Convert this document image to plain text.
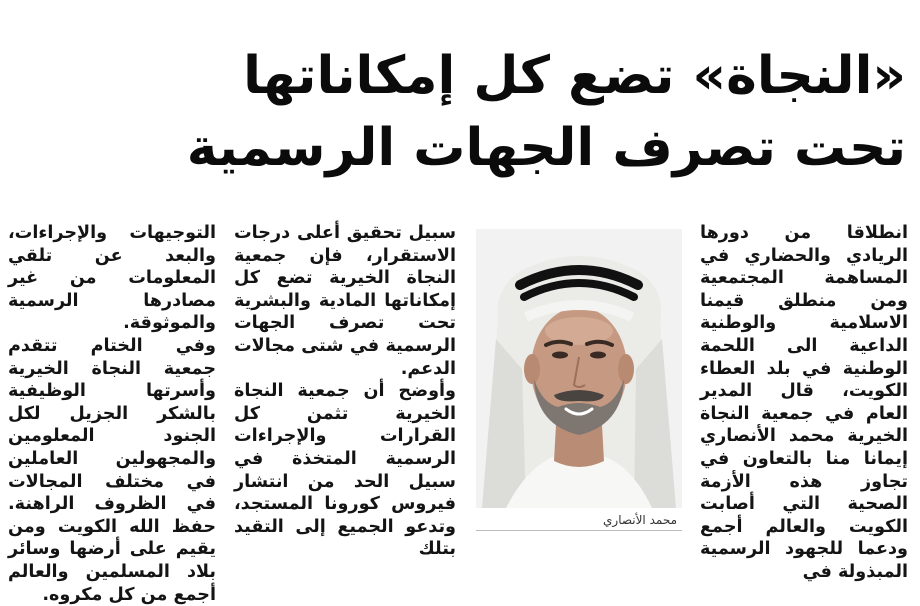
«النجاة» تضع كل إمكاناتها
تحت تصرف الجهات الرسمية

انطلاقا من دورها الريادي والحضاري في المساهمة المجتمعية ومن منطلق قيمنا الاسلامية والوطنية الداعية الى اللحمة الوطنية في بلد العطاء الكويت، قال المدير العام في جمعية النجاة الخيرية محمد الأنصاري إيمانا منا بالتعاون في تجاوز هذه الأزمة الصحية التي أصابت الكويت والعالم أجمع ودعما للجهود الرسمية المبذولة في

محمد الأنصاري

سبيل تحقيق أعلى درجات الاستقرار، فإن جمعية النجاة الخيرية تضع كل إمكاناتها المادية والبشرية تحت تصرف الجهات الرسمية في شتى مجالات الدعم.

وأوضح أن جمعية النجاة الخيرية تثمن كل القرارات والإجراءات الرسمية المتخذة في سبيل الحد من انتشار فيروس كورونا المستجد، وتدعو الجميع إلى التقيد بتلك

التوجيهات والإجراءات، والبعد عن تلقي المعلومات من غير مصادرها الرسمية والموثوقة.

وفي الختام تتقدم جمعية النجاة الخيرية وأسرتها الوظيفية بالشكر الجزيل لكل الجنود المعلومين والمجهولين العاملين في مختلف المجالات في الظروف الراهنة. حفظ الله الكويت ومن يقيم على أرضها وسائر بلاد المسلمين والعالم أجمع من كل مكروه.
